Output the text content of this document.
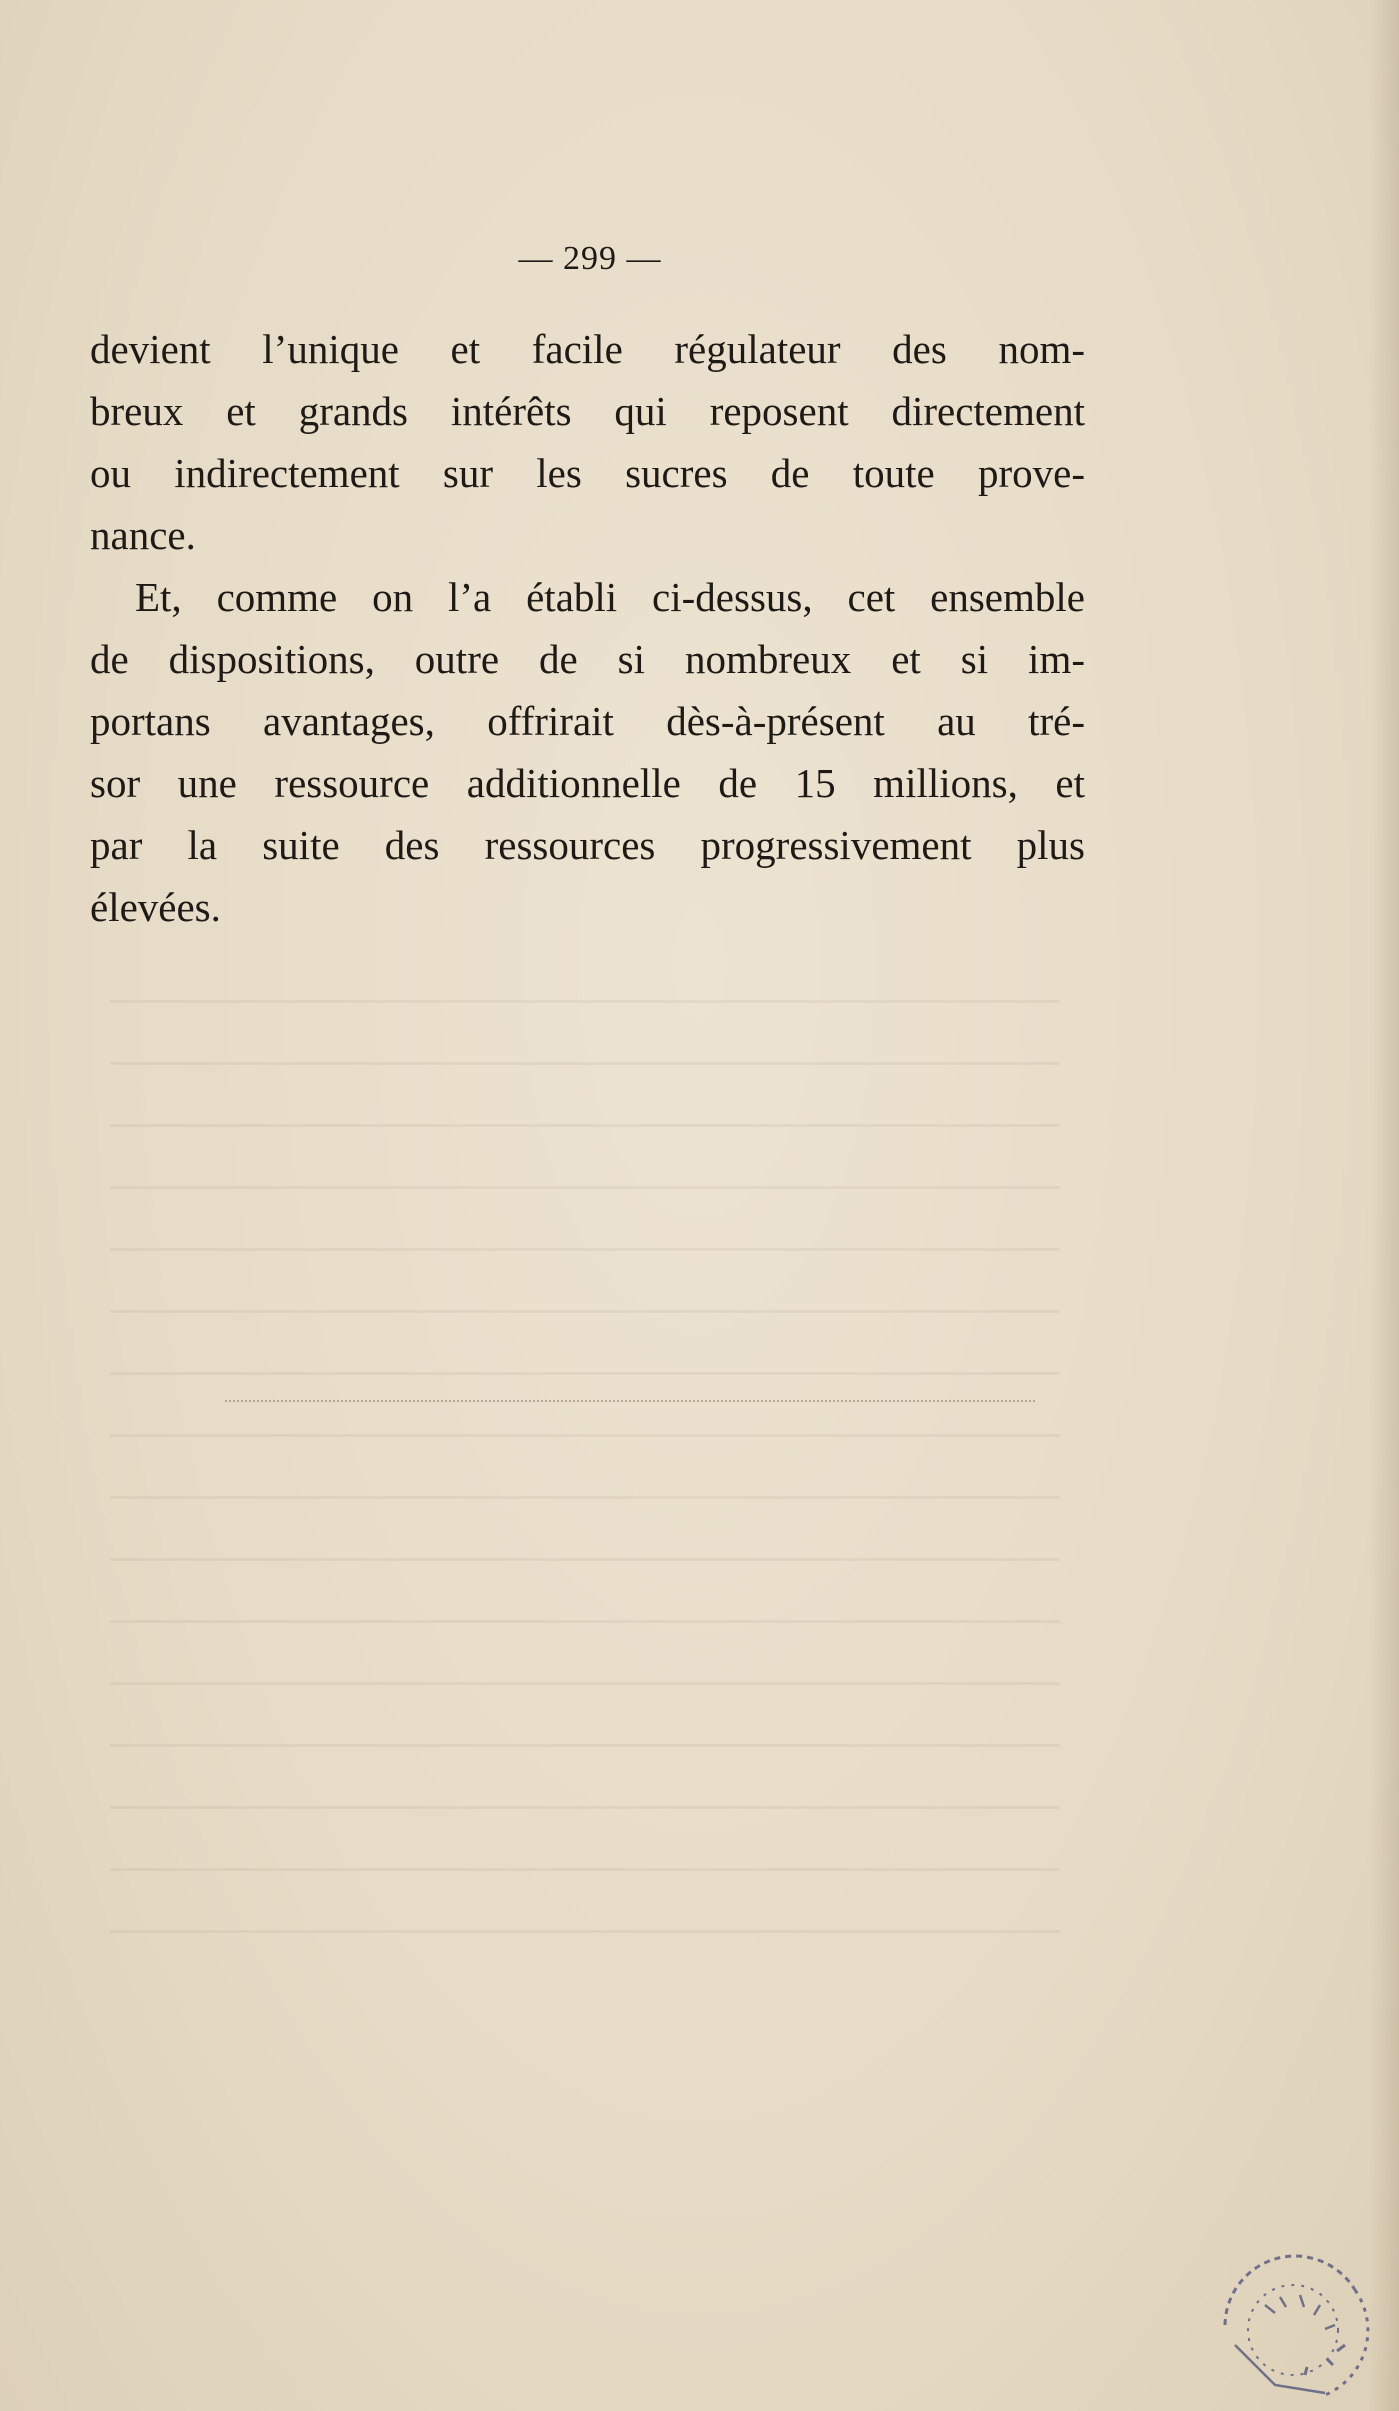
— 299 —
devient l’unique et facile régulateur des nom-
breux et grands intérêts qui reposent directement
ou indirectement sur les sucres de toute prove-
nance.
Et, comme on l’a établi ci-dessus, cet ensemble
de dispositions, outre de si nombreux et si im-
portans avantages, offrirait dès-à-présent au tré-
sor une ressource additionnelle de 15 millions, et
par la suite des ressources progressivement plus
élevées.
